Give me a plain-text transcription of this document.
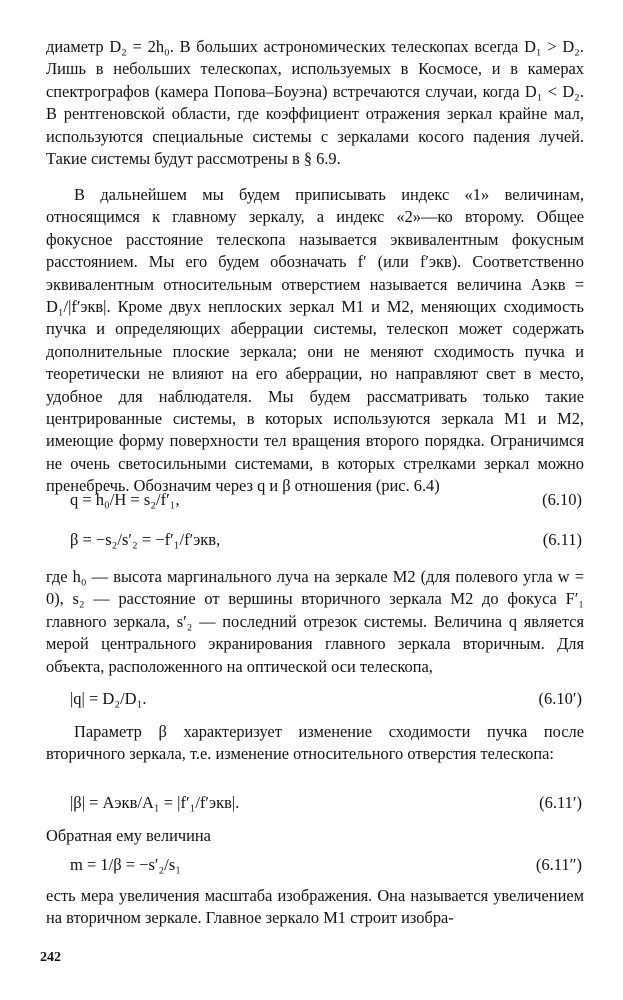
диаметр D₂ = 2h₀. В больших астрономических телескопах всегда D₁ > D₂. Лишь в небольших телескопах, используемых в Космосе, и в камерах спектрографов (камера Попова–Боуэна) встречаются случаи, когда D₁ < D₂. В рентгеновской области, где коэффициент отражения зеркал крайне мал, используются специальные системы с зеркалами косого падения лучей. Такие системы будут рассмотрены в § 6.9.

В дальнейшем мы будем приписывать индекс «1» величинам, относящимся к главному зеркалу, а индекс «2»—ко второму. Общее фокусное расстояние телескопа называется эквивалентным фокусным расстоянием. Мы его будем обозначать f′ (или f′экв). Соответственно эквивалентным относительным отверстием называется величина Aэкв = D₁/|f′экв|. Кроме двух неплоских зеркал М1 и М2, меняющих сходимость пучка и определяющих аберрации системы, телескоп может содержать дополнительные плоские зеркала; они не меняют сходимость пучка и теоретически не влияют на его аберрации, но направляют свет в место, удобное для наблюдателя. Мы будем рассматривать только такие центрированные системы, в которых используются зеркала М1 и М2, имеющие форму поверхности тел вращения второго порядка. Ограничимся не очень светосильными системами, в которых стрелками зеркал можно пренебречь. Обозначим через q и β отношения (рис. 6.4)

q = h₀/H = s₂/f′₁,	(6.10)
β = −s₂/s′₂ = −f′₁/f′экв,	(6.11)

где h₀ — высота маргинального луча на зеркале М2 (для полевого угла w = 0), s₂ — расстояние от вершины вторичного зеркала М2 до фокуса F′₁ главного зеркала, s′₂ — последний отрезок системы. Величина q является мерой центрального экранирования главного зеркала вторичным. Для объекта, расположенного на оптической оси телескопа,

|q| = D₂/D₁.	(6.10′)

Параметр β характеризует изменение сходимости пучка после вторичного зеркала, т.е. изменение относительного отверстия телескопа:

|β| = Aэкв/A₁ = |f′₁/f′экв|.	(6.11′)

Обратная ему величина

m = 1/β = −s′₂/s₁	(6.11″)

есть мера увеличения масштаба изображения. Она называется увеличением на вторичном зеркале. Главное зеркало М1 строит изобра-

242
